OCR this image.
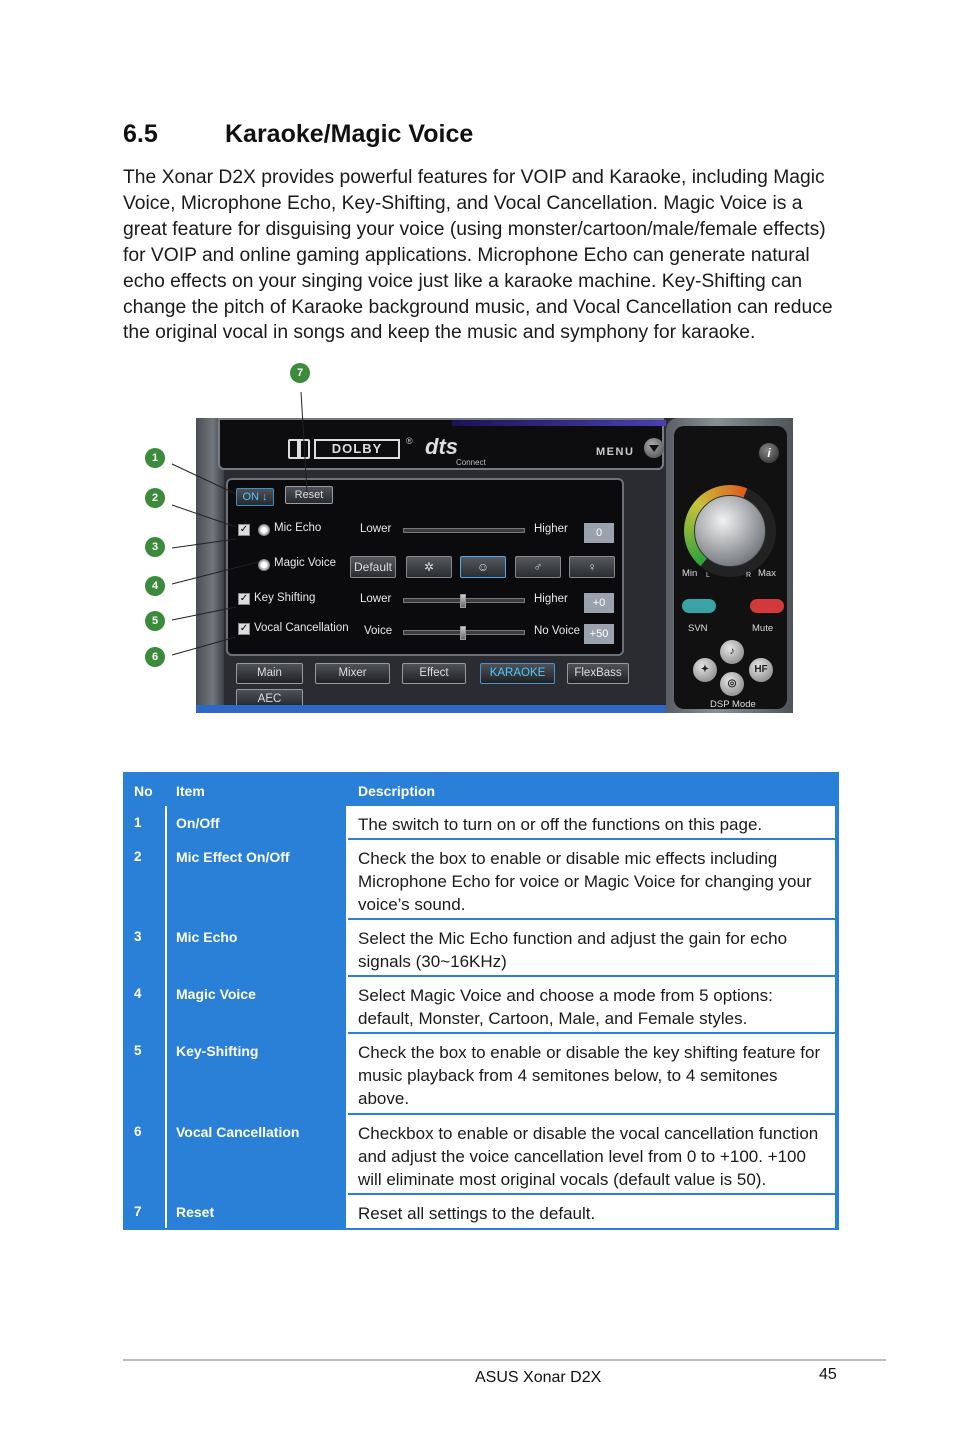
6.5	Karaoke/Magic Voice

The Xonar D2X provides powerful features for VOIP and Karaoke, including Magic Voice, Microphone Echo, Key-Shifting, and Vocal Cancellation. Magic Voice is a great feature for disguising your voice (using monster/cartoon/male/female effects) for VOIP and online gaming applications. Microphone Echo can generate natural echo effects on your singing voice just like a karaoke machine. Key-Shifting can change the pitch of Karaoke background music, and Vocal Cancellation can reduce the original vocal in songs and keep the music and symphony for karaoke.

DOLBY	® dts
Connect
MENU
ON ↓	Reset
✓ Mic Echo	Lower	Higher	0
Magic Voice	Default	✲	☺	♂	♀
✓ Key Shifting	Lower	Higher	+0
✓ Vocal Cancellation Voice	No Voice +50
Main	Mixer	Effect	KARAOKE	FlexBass
AEC
i
Min L	R Max
SVN	Mute
♪
✦	HF
◎
DSP Mode
1
2
3
4
5
6
7
No Item	Description
1 On/Off	The switch to turn on or off the functions on this page.
2 Mic Effect On/Off	Check the box to enable or disable mic effects including Microphone Echo for voice or Magic Voice for changing your voice’s sound.
3 Mic Echo	Select the Mic Echo function and adjust the gain for echo signals (30~16KHz)
4 Magic Voice	Select Magic Voice and choose a mode from 5 options: default, Monster, Cartoon, Male, and Female styles.
5 Key-Shifting	Check the box to enable or disable the key shifting feature for music playback from 4 semitones below, to 4 semitones above.
6 Vocal Cancellation	Checkbox to enable or disable the vocal cancellation function and adjust the voice cancellation level from 0 to +100. +100 will eliminate most original vocals (default value is 50).
7 Reset	Reset all settings to the default.
ASUS Xonar D2X	45
